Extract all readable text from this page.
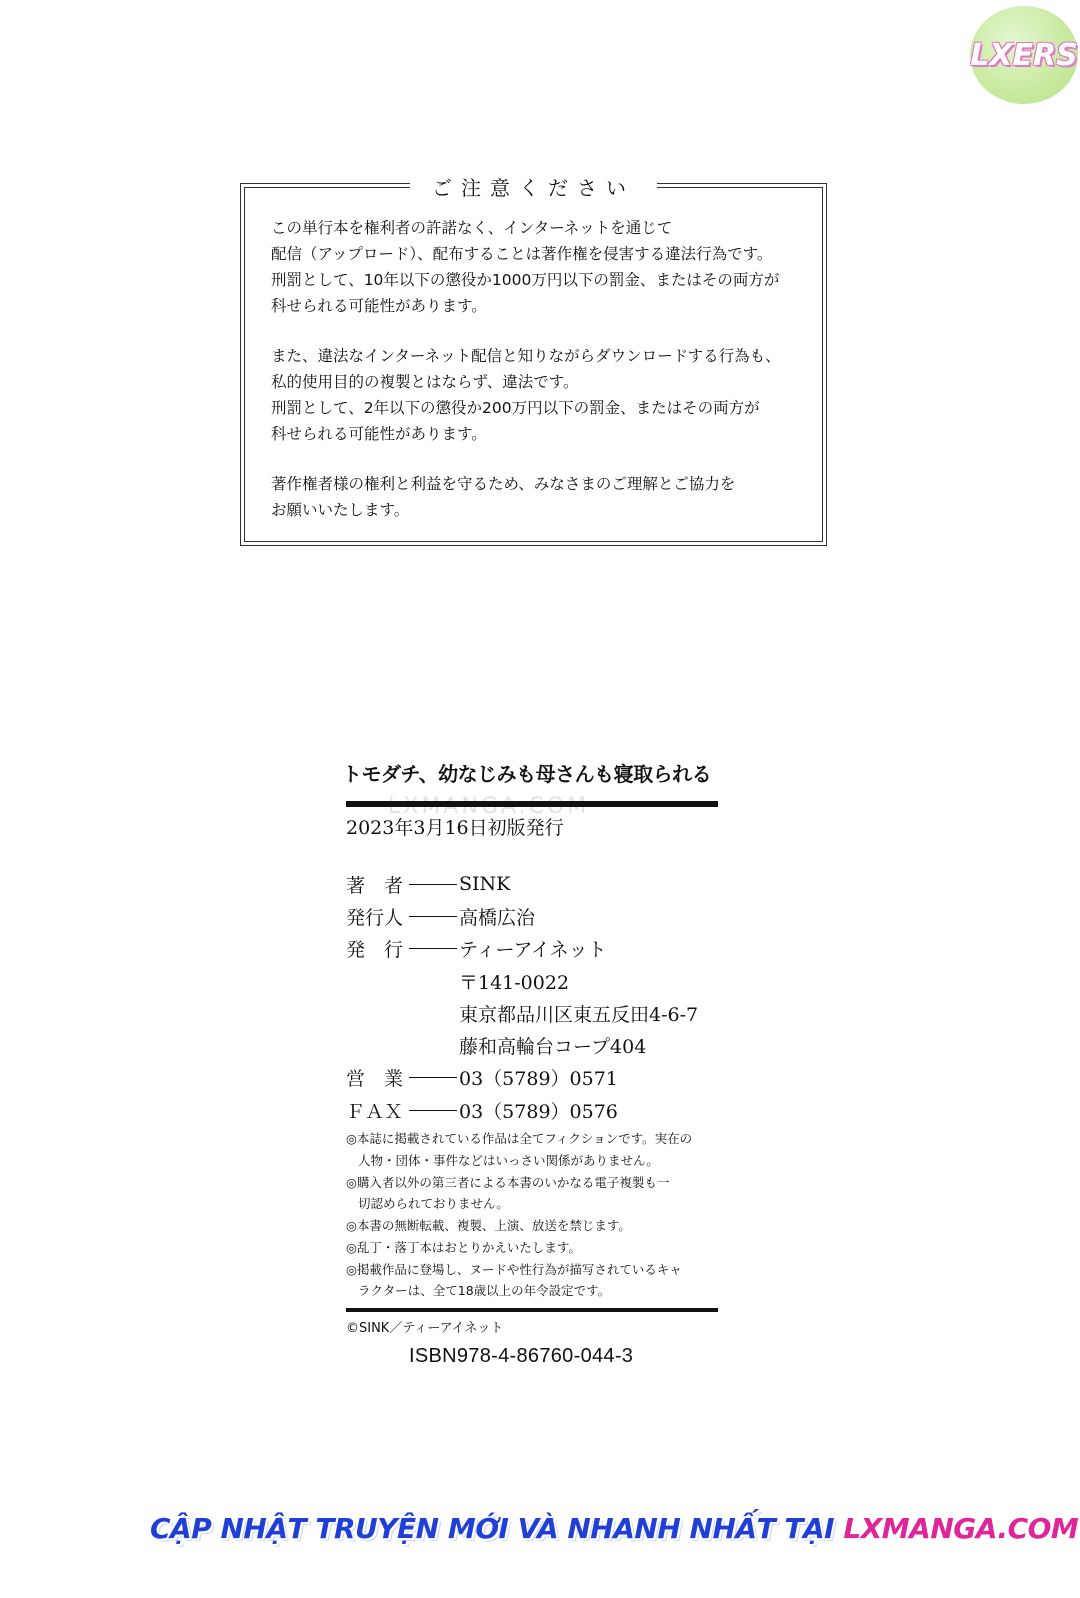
LXERS
ご注意ください

この単行本を権利者の許諾なく、インターネットを通じて
配信（アップロード）、配布することは著作権を侵害する違法行為です。
刑罰として、10年以下の懲役か1000万円以下の罰金、またはその両方が
科せられる可能性があります。

また、違法なインターネット配信と知りながらダウンロードする行為も、
私的使用目的の複製とはならず、違法です。
刑罰として、2年以下の懲役か200万円以下の罰金、またはその両方が
科せられる可能性があります。

著作権者様の権利と利益を守るため、みなさまのご理解とご協力を
お願いいたします。

トモダチ、幼なじみも母さんも寝取られる
2023年3月16日初版発行
著　者	SINK
発行人	高橋広治
発　行	ティーアイネット
〒141-0022
東京都品川区東五反田4-6-7
藤和高輪台コープ404
営　業	03（5789）0571
ＦＡＸ	03（5789）0576
◎本誌に掲載されている作品は全てフィクションです。実在の
人物・団体・事件などはいっさい関係がありません。
◎購入者以外の第三者による本書のいかなる電子複製も一
切認められておりません。
◎本書の無断転載、複製、上演、放送を禁じます。
◎乱丁・落丁本はおとりかえいたします。
◎掲載作品に登場し、ヌードや性行為が描写されているキャ
ラクターは、全て18歳以上の年令設定です。
©SINK／ティーアイネット
ISBN978-4-86760-044-3
CẬP NHẬT TRUYỆN MỚI VÀ NHANH NHẤT TẠI LXMANGA.COM
